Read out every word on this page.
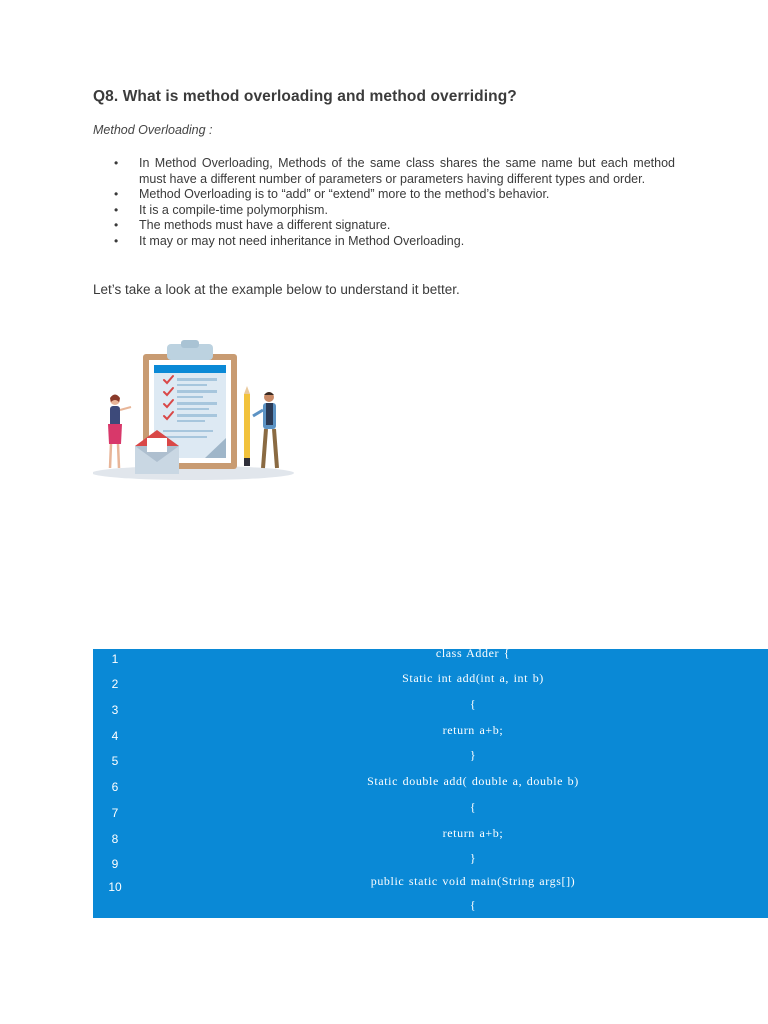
Q8. What is method overloading and method overriding?

Method Overloading :

• In Method Overloading, Methods of the same class shares the same name but each method must have a different number of parameters or parameters having different types and order.
• Method Overloading is to “add” or “extend” more to the method’s behavior.
• It is a compile-time polymorphism.
• The methods must have a different signature.
• It may or may not need inheritance in Method Overloading.

Let’s take a look at the example below to understand it better.

1	class Adder {
2	Static int add(int a, int b)
3	{
4	return a+b;
5	}
6	Static double add( double a, double b)
7	{
8	return a+b;
9	}
10	public static void main(String args[])
{
